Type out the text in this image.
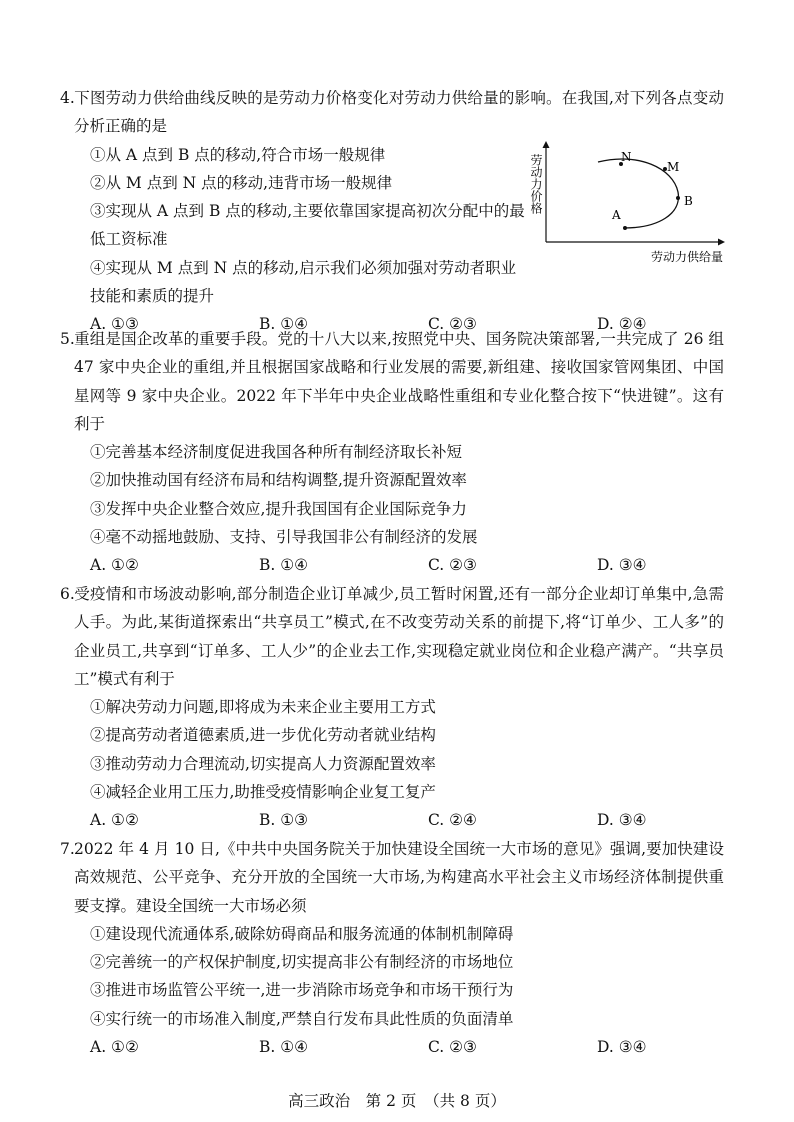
4.下图劳动力供给曲线反映的是劳动力价格变化对劳动力供给量的影响。在我国,对下列各点变动分析正确的是

①从 A 点到 B 点的移动,符合市场一般规律

②从 M 点到 N 点的移动,违背市场一般规律

③实现从 A 点到 B 点的移动,主要依靠国家提高初次分配中的最低工资标准

④实现从 M 点到 N 点的移动,启示我们必须加强对劳动者职业技能和素质的提升

A. ①③	B. ①④	C. ②③	D. ②④
劳动力价格
劳动力供给量
N
M
B
A

5.重组是国企改革的重要手段。党的十八大以来,按照党中央、国务院决策部署,一共完成了 26 组 47 家中央企业的重组,并且根据国家战略和行业发展的需要,新组建、接收国家管网集团、中国星网等 9 家中央企业。2022 年下半年中央企业战略性重组和专业化整合按下“快进键”。这有利于

①完善基本经济制度促进我国各种所有制经济取长补短

②加快推动国有经济布局和结构调整,提升资源配置效率

③发挥中央企业整合效应,提升我国国有企业国际竞争力

④毫不动摇地鼓励、支持、引导我国非公有制经济的发展

A. ①②	B. ①④	C. ②③	D. ③④

6.受疫情和市场波动影响,部分制造企业订单减少,员工暂时闲置,还有一部分企业却订单集中,急需人手。为此,某街道探索出“共享员工”模式,在不改变劳动关系的前提下,将“订单少、工人多”的企业员工,共享到“订单多、工人少”的企业去工作,实现稳定就业岗位和企业稳产满产。“共享员工”模式有利于

①解决劳动力问题,即将成为未来企业主要用工方式

②提高劳动者道德素质,进一步优化劳动者就业结构

③推动劳动力合理流动,切实提高人力资源配置效率

④减轻企业用工压力,助推受疫情影响企业复工复产

A. ①②	B. ①③	C. ②④	D. ③④

7.2022 年 4 月 10 日,《中共中央国务院关于加快建设全国统一大市场的意见》强调,要加快建设高效规范、公平竞争、充分开放的全国统一大市场,为构建高水平社会主义市场经济体制提供重要支撑。建设全国统一大市场必须

①建设现代流通体系,破除妨碍商品和服务流通的体制机制障碍

②完善统一的产权保护制度,切实提高非公有制经济的市场地位

③推进市场监管公平统一,进一步消除市场竞争和市场干预行为

④实行统一的市场准入制度,严禁自行发布具此性质的负面清单

A. ①②	B. ①④	C. ②③	D. ③④
高三政治　第 2 页　（共 8 页）
